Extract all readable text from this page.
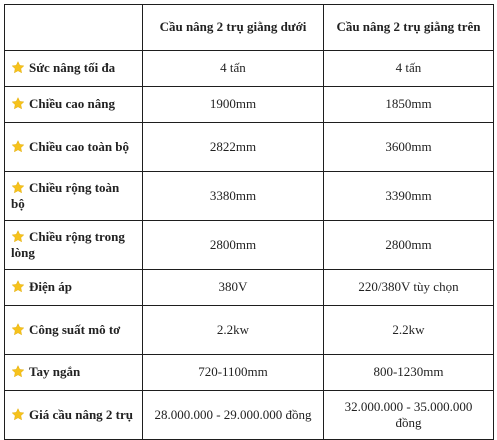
	Cầu nâng 2 trụ giằng dưới	Cầu nâng 2 trụ giằng trên

Sức nâng tối đa	4 tấn	4 tấn

Chiều cao nâng	1900mm	1850mm

Chiều cao toàn bộ	2822mm	3600mm

Chiều rộng toàn bộ	3380mm	3390mm

Chiều rộng trong lòng	2800mm	2800mm

Điện áp	380V	220/380V tùy chọn

Công suất mô tơ	2.2kw	2.2kw

Tay ngắn	720-1100mm	800-1230mm

Giá cầu nâng 2 trụ	28.000.000 - 29.000.000 đồng	32.000.000 - 35.000.000 đồng
